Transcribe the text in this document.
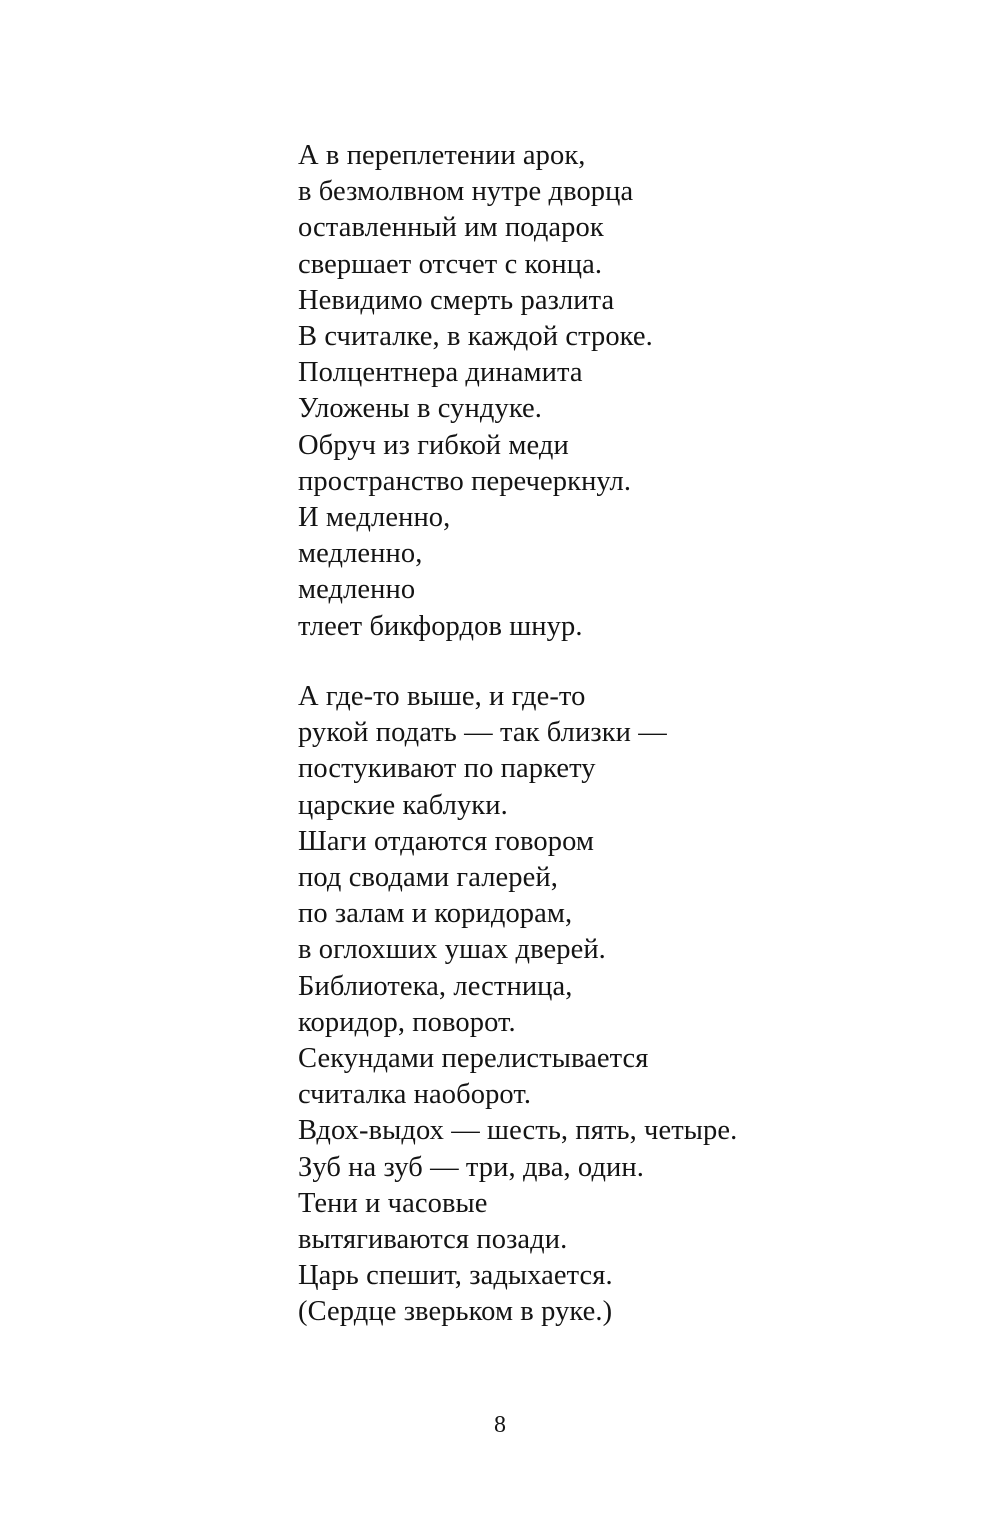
А в переплетении арок,
в безмолвном нутре дворца
оставленный им подарок
свершает отсчет с конца.
Невидимо смерть разлита
В считалке, в каждой строке.
Полцентнера динамита
Уложены в сундуке.
Обруч из гибкой меди
пространство перечеркнул.
И медленно,
медленно,
медленно
тлеет бикфордов шнур.
А где-то выше, и где-то
рукой подать — так близки —
постукивают по паркету
царские каблуки.
Шаги отдаются говором
под сводами галерей,
по залам и коридорам,
в оглохших ушах дверей.
Библиотека, лестница,
коридор, поворот.
Секундами перелистывается
считалка наоборот.
Вдох-выдох — шесть, пять, четыре.
Зуб на зуб — три, два, один.
Тени и часовые
вытягиваются позади.
Царь спешит, задыхается.
(Сердце зверьком в руке.)
8
